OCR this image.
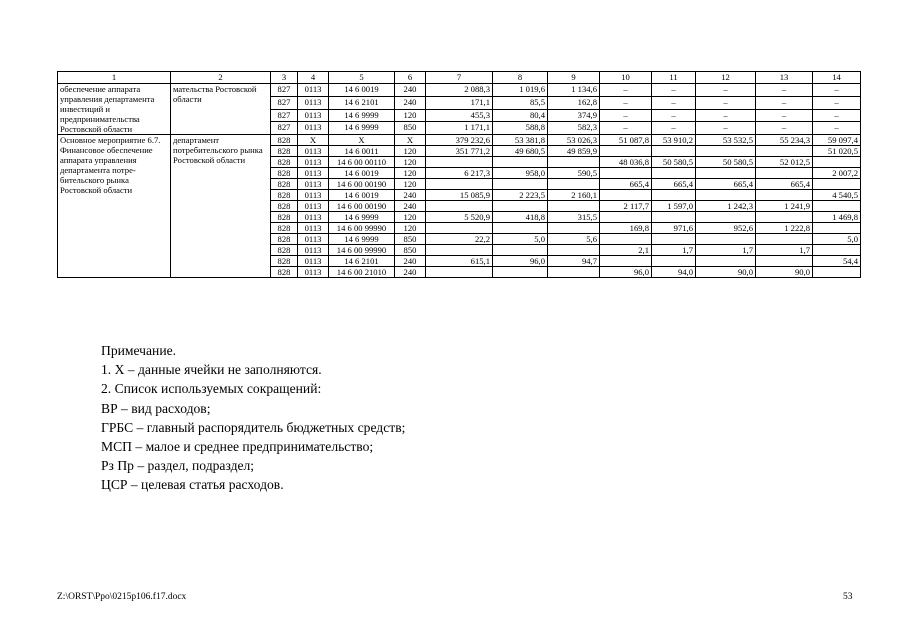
1	2	3	4	5	6	7	8	9	10	11	12	13	14
обеспечение аппарата управления департамента инвестиций и предпринимательства Ростовской области	мательства Ростовской области	827	0113	14 6 0019	240	2 088,3	1 019,6	1 134,6	–	–	–	–	–
		827	0113	14 6 2101	240	171,1	85,5	162,8	–	–	–	–	–
		827	0113	14 6 9999	120	455,3	80,4	374,9	–	–	–	–	–
		827	0113	14 6 9999	850	1 171,1	588,8	582,3	–	–	–	–	–
Основное мероприятие 6.7. Финансовое обеспечение аппарата управления департамента потре-бительского рынка Ростовской области	департамент потребительского рынка Ростовской области	828	Х	Х	Х	379 232,6	53 381,8	53 026,3	51 087,8	53 910,2	53 532,5	55 234,3	59 097,4
		828	0113	14 6 0011	120	351 771,2	49 680,5	49 859,9					51 020,5
		828	0113	14 6 00 00110	120				48 036,8	50 580,5	50 580,5	52 012,5	
		828	0113	14 6 0019	120	6 217,3	958,0	590,5					2 007,2
		828	0113	14 6 00 00190	120				665,4	665,4	665,4	665,4	
		828	0113	14 6 0019	240	15 085,9	2 223,5	2 160,1					4 540,5
		828	0113	14 6 00 00190	240				2 117,7	1 597,0	1 242,3	1 241,9	
		828	0113	14 6 9999	120	5 520,9	418,8	315,5					1 469,8
		828	0113	14 6 00 99990	120				169,8	971,6	952,6	1 222,8	
		828	0113	14 6 9999	850	22,2	5,0	5,6					5,0
		828	0113	14 6 00 99990	850				2,1	1,7	1,7	1,7	
		828	0113	14 6 2101	240	615,1	96,0	94,7					54,4
		828	0113	14 6 00 21010	240				96,0	94,0	90,0	90,0	
Примечание.
1. Х – данные ячейки не заполняются.
2. Список используемых сокращений:
ВР – вид расходов;
ГРБС – главный распорядитель бюджетных средств;
МСП – малое и среднее предпринимательство;
Рз Пр – раздел, подраздел;
ЦСР – целевая статья расходов.
Z:\ORST\Ppo\0215p106.f17.docx	53
